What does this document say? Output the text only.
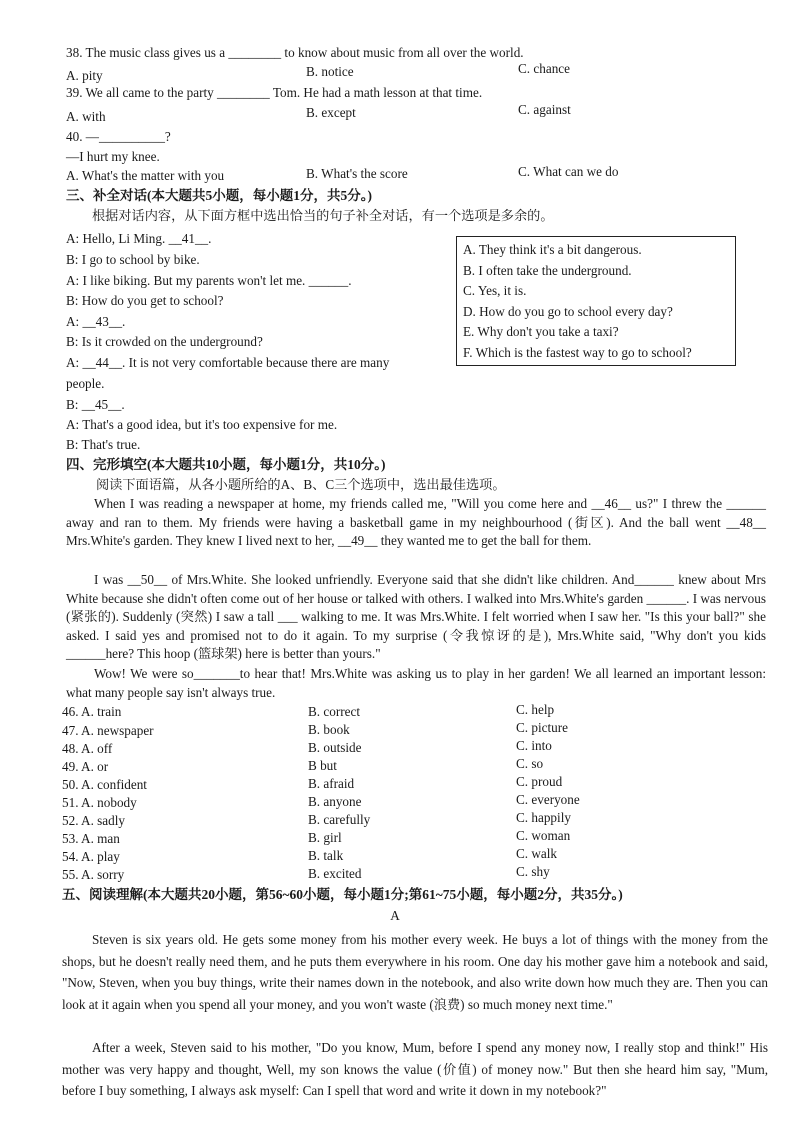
38. The music class gives us a ________ to know about music from all over the world.
A. pity	B. notice	C. chance
39. We all came to the party ________ Tom. He had a math lesson at that time.
A. with	B. except	C. against
40. —__________?
—I hurt my knee.
A. What's the matter with you	B. What's the score	C. What can we do
三、补全对话(本大题共5小题，每小题1分，共5分。)
根据对话内容，从下面方框中选出恰当的句子补全对话，有一个选项是多余的。
A: Hello, Li Ming. __41__.
B: I go to school by bike.
A: I like biking. But my parents won't let me. ______.
B: How do you get to school?
A: __43__.
B: Is it crowded on the underground?
A: __44__. It is not very comfortable because there are many
people.
B: __45__.
A: That's a good idea, but it's too expensive for me.
B: That's true.
A. They think it's a bit dangerous.
B. I often take the underground.
C. Yes, it is.
D. How do you go to school every day?
E. Why don't you take a taxi?
F. Which is the fastest way to go to school?
四、完形填空(本大题共10小题，每小题1分，共10分。)
阅读下面语篇，从各小题所给的A、B、C三个选项中，选出最佳选项。
When I was reading a newspaper at home, my friends called me, "Will you come here and __46__ us?" I threw the ______ away and ran to them. My friends were having a basketball game in my neighbourhood (街区). And the ball went __48__ Mrs.White's garden. They knew I lived next to her, __49__ they wanted me to get the ball for them.
I was __50__ of Mrs.White. She looked unfriendly. Everyone said that she didn't like children. And______ knew about Mrs White because she didn't often come out of her house or talked with others. I walked into Mrs.White's garden ______. I was nervous (紧张的). Suddenly (突然) I saw a tall ___ walking to me. It was Mrs.White. I felt worried when I saw her. "Is this your ball?" she asked. I said yes and promised not to do it again. To my surprise (令我惊讶的是), Mrs.White said, "Why don't you kids ______here? This hoop (篮球架) here is better than yours."
Wow! We were so_______to hear that! Mrs.White was asking us to play in her garden! We all learned an important lesson: what many people say isn't always true.
46. A. train	B. correct	C. help
47. A. newspaper	B. book	C. picture
48. A. off	B. outside	C. into
49. A. or	B but	C. so
50. A. confident	B. afraid	C. proud
51. A. nobody	B. anyone	C. everyone
52. A. sadly	B. carefully	C. happily
53. A. man	B. girl	C. woman
54. A. play	B. talk	C. walk
55. A. sorry	B. excited	C. shy
五、阅读理解(本大题共20小题，第56~60小题，每小题1分;第61~75小题，每小题2分，共35分。)
A
Steven is six years old. He gets some money from his mother every week. He buys a lot of things with the money from the shops, but he doesn't really need them, and he puts them everywhere in his room. One day his mother gave him a notebook and said, "Now, Steven, when you buy things, write their names down in the notebook, and also write down how much they are. Then you can look at it again when you spend all your money, and you won't waste (浪费) so much money next time."
After a week, Steven said to his mother, "Do you know, Mum, before I spend any money now, I really stop and think!" His mother was very happy and thought, Well, my son knows the value (价值) of money now." But then she heard him say, "Mum, before I buy something, I always ask myself: Can I spell that word and write it down in my notebook?"
